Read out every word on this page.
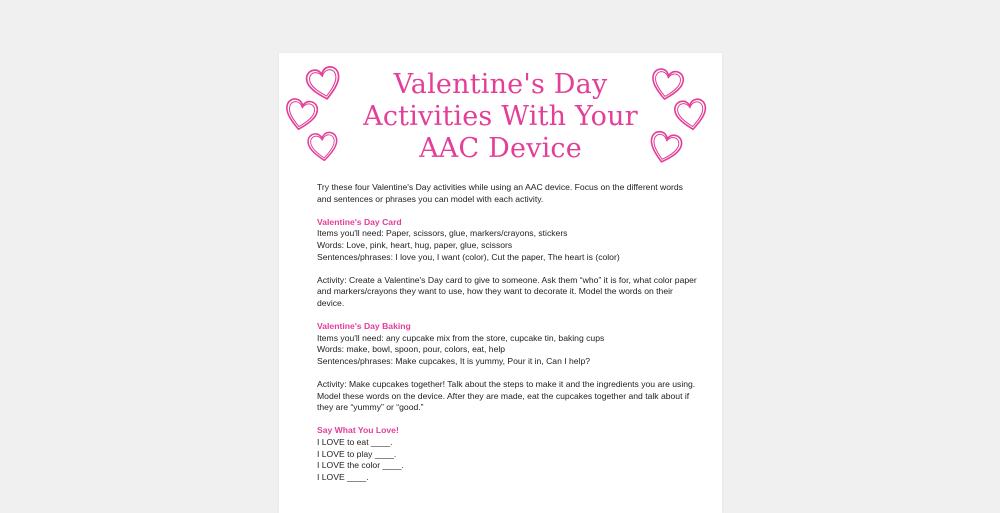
Valentine's Day
Activities With Your
AAC Device

Try these four Valentine's Day activities while using an AAC device. Focus on the different words and sentences or phrases you can model with each activity.

Valentine's Day Card
Items you'll need: Paper, scissors, glue, markers/crayons, stickers
Words: Love, pink, heart, hug, paper, glue, scissors
Sentences/phrases: I love you, I want (color), Cut the paper, The heart is (color)

Activity: Create a Valentine's Day card to give to someone. Ask them “who” it is for, what color paper and markers/crayons they want to use, how they want to decorate it. Model the words on their device.

Valentine's Day Baking
Items you'll need: any cupcake mix from the store, cupcake tin, baking cups
Words: make, bowl, spoon, pour, colors, eat, help
Sentences/phrases: Make cupcakes, It is yummy, Pour it in, Can I help?

Activity: Make cupcakes together! Talk about the steps to make it and the ingredients you are using. Model these words on the device. After they are made, eat the cupcakes together and talk about if they are “yummy” or “good.”

Say What You Love!
I LOVE to eat ____.
I LOVE to play ____.
I LOVE the color ____.
I LOVE ____.
